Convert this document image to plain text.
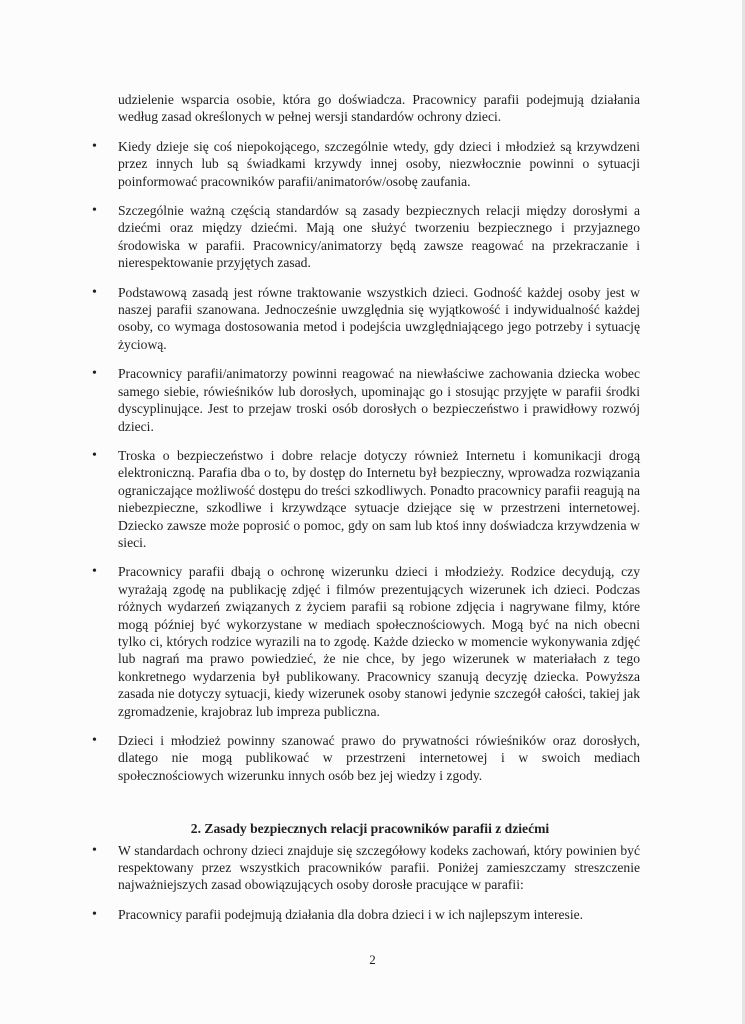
udzielenie wsparcia osobie, która go doświadcza. Pracownicy parafii podejmują działania według zasad określonych w pełnej wersji standardów ochrony dzieci.

• Kiedy dzieje się coś niepokojącego, szczególnie wtedy, gdy dzieci i młodzież są krzywdzeni przez innych lub są świadkami krzywdy innej osoby, niezwłocznie powinni o sytuacji poinformować pracowników parafii/animatorów/osobę zaufania.
• Szczególnie ważną częścią standardów są zasady bezpiecznych relacji między dorosłymi a dziećmi oraz między dziećmi. Mają one służyć tworzeniu bezpiecznego i przyjaznego środowiska w parafii. Pracownicy/animatorzy będą zawsze reagować na przekraczanie i nierespektowanie przyjętych zasad.
• Podstawową zasadą jest równe traktowanie wszystkich dzieci. Godność każdej osoby jest w naszej parafii szanowana. Jednocześnie uwzględnia się wyjątkowość i indywidualność każdej osoby, co wymaga dostosowania metod i podejścia uwzględniającego jego potrzeby i sytuację życiową.
• Pracownicy parafii/animatorzy powinni reagować na niewłaściwe zachowania dziecka wobec samego siebie, rówieśników lub dorosłych, upominając go i stosując przyjęte w parafii środki dyscyplinujące. Jest to przejaw troski osób dorosłych o bezpieczeństwo i prawidłowy rozwój dzieci.
• Troska o bezpieczeństwo i dobre relacje dotyczy również Internetu i komunikacji drogą elektroniczną. Parafia dba o to, by dostęp do Internetu był bezpieczny, wprowadza rozwiązania ograniczające możliwość dostępu do treści szkodliwych. Ponadto pracownicy parafii reagują na niebezpieczne, szkodliwe i krzywdzące sytuacje dziejące się w przestrzeni internetowej. Dziecko zawsze może poprosić o pomoc, gdy on sam lub ktoś inny doświadcza krzywdzenia w sieci.
• Pracownicy parafii dbają o ochronę wizerunku dzieci i młodzieży. Rodzice decydują, czy wyrażają zgodę na publikację zdjęć i filmów prezentujących wizerunek ich dzieci. Podczas różnych wydarzeń związanych z życiem parafii są robione zdjęcia i nagrywane filmy, które mogą później być wykorzystane w mediach społecznościowych. Mogą być na nich obecni tylko ci, których rodzice wyrazili na to zgodę. Każde dziecko w momencie wykonywania zdjęć lub nagrań ma prawo powiedzieć, że nie chce, by jego wizerunek w materiałach z tego konkretnego wydarzenia był publikowany. Pracownicy szanują decyzję dziecka. Powyższa zasada nie dotyczy sytuacji, kiedy wizerunek osoby stanowi jedynie szczegół całości, takiej jak zgromadzenie, krajobraz lub impreza publiczna.
• Dzieci i młodzież powinny szanować prawo do prywatności rówieśników oraz dorosłych, dlatego nie mogą publikować w przestrzeni internetowej i w swoich mediach społecznościowych wizerunku innych osób bez jej wiedzy i zgody.
2. Zasady bezpiecznych relacji pracowników parafii z dziećmi
• W standardach ochrony dzieci znajduje się szczegółowy kodeks zachowań, który powinien być respektowany przez wszystkich pracowników parafii. Poniżej zamieszczamy streszczenie najważniejszych zasad obowiązujących osoby dorosłe pracujące w parafii:
• Pracownicy parafii podejmują działania dla dobra dzieci i w ich najlepszym interesie.
2
